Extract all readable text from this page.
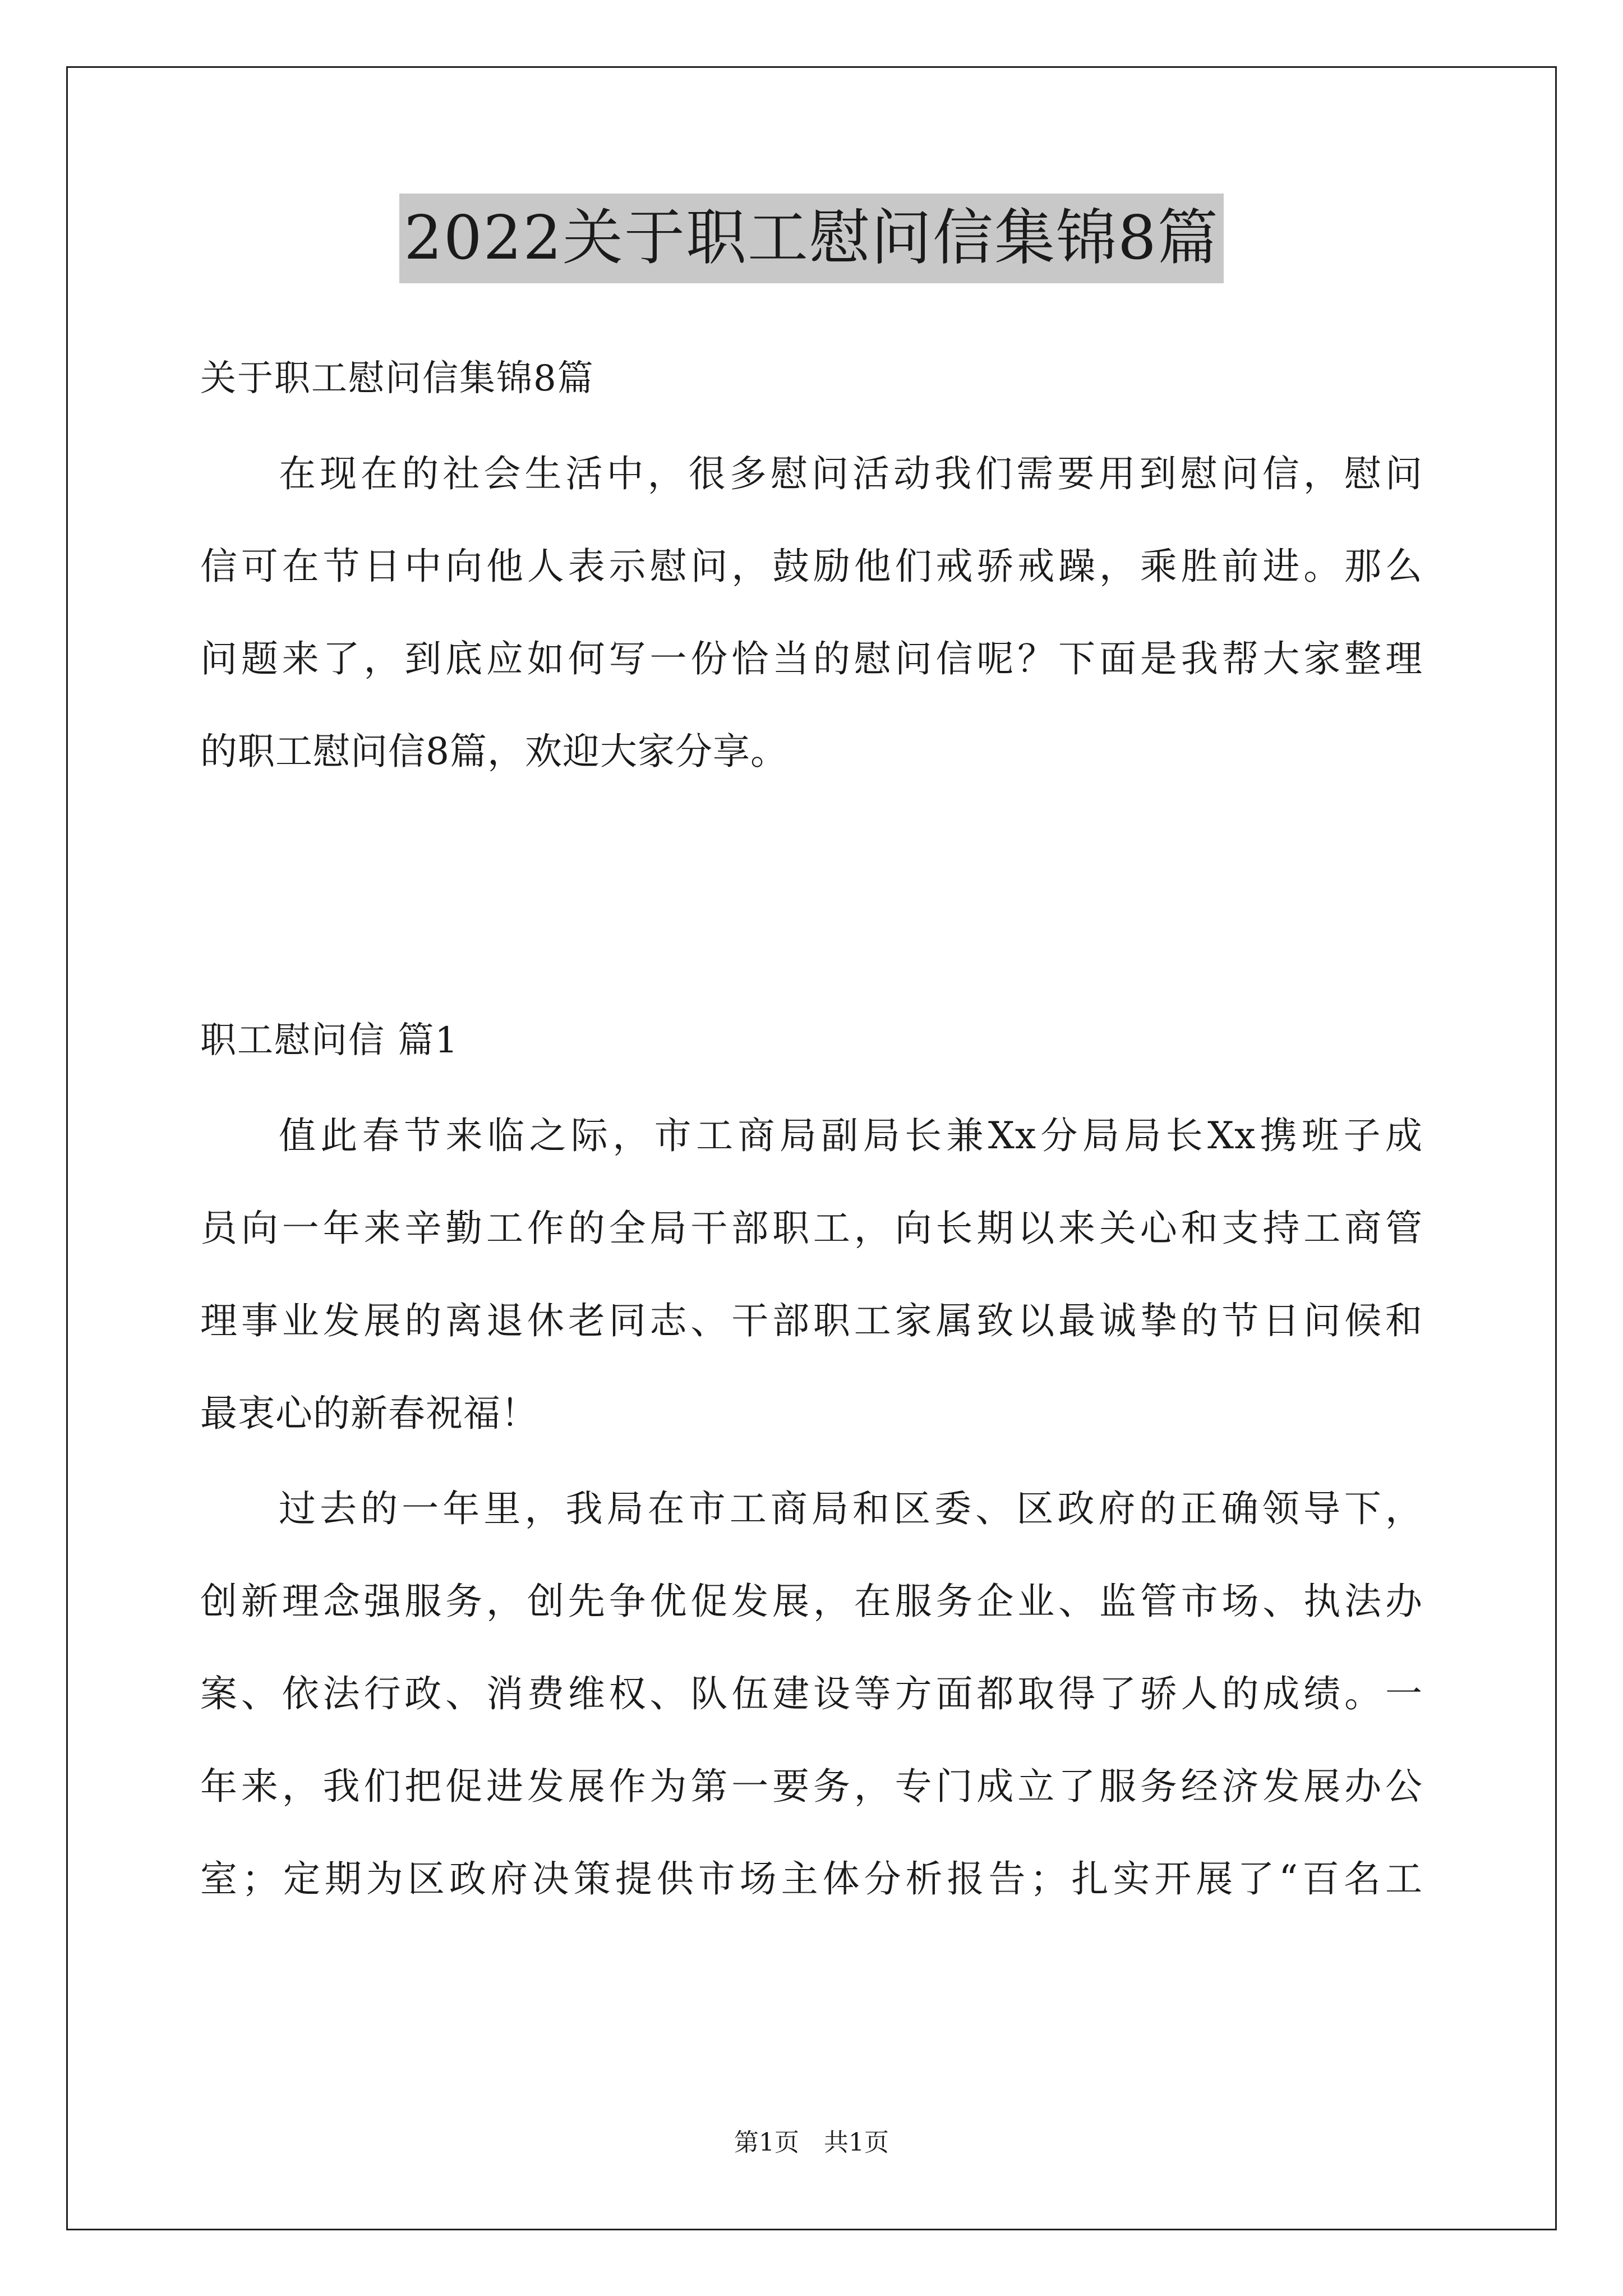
2022关于职工慰问信集锦8篇
关于职工慰问信集锦8篇
在现在的社会生活中，很多慰问活动我们需要用到慰问信，慰问
信可在节日中向他人表示慰问，鼓励他们戒骄戒躁，乘胜前进。那么
问题来了，到底应如何写一份恰当的慰问信呢？下面是我帮大家整理
的职工慰问信8篇，欢迎大家分享。
职工慰问信 篇1
值此春节来临之际，市工商局副局长兼Xx分局局长Xx携班子成
员向一年来辛勤工作的全局干部职工，向长期以来关心和支持工商管
理事业发展的离退休老同志、干部职工家属致以最诚挚的节日问候和
最衷心的新春祝福！
过去的一年里，我局在市工商局和区委、区政府的正确领导下，
创新理念强服务，创先争优促发展，在服务企业、监管市场、执法办
案、依法行政、消费维权、队伍建设等方面都取得了骄人的成绩。一
年来，我们把促进发展作为第一要务，专门成立了服务经济发展办公
室；定期为区政府决策提供市场主体分析报告；扎实开展了“百名工
第1页　共1页
